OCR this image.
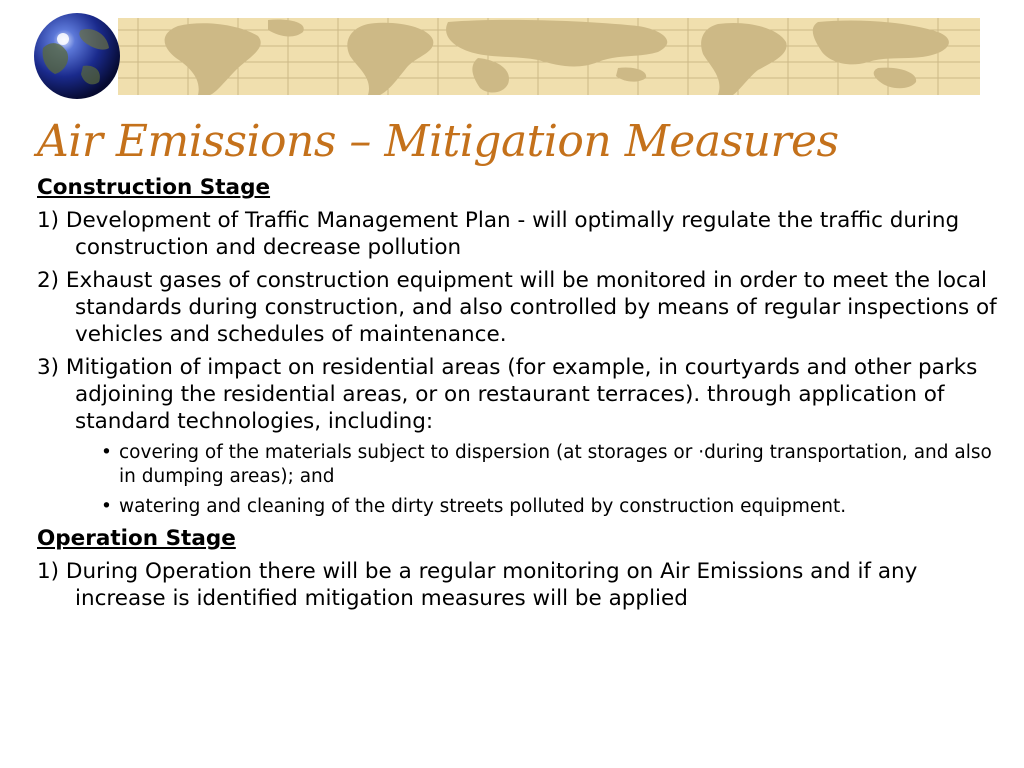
Air Emissions – Mitigation Measures
Construction Stage
1) Development of Traffic Management Plan - will optimally regulate the traffic during construction and decrease pollution
2) Exhaust gases of construction equipment will be monitored in order to meet the local standards during construction, and also controlled by means of regular inspections of vehicles and schedules of maintenance.
3) Mitigation of impact on residential areas (for example, in courtyards and other parks adjoining the residential areas, or on restaurant terraces). through application of standard technologies, including:
• covering of the materials subject to dispersion (at storages or ·during transportation, and also in dumping areas); and
• watering and cleaning of the dirty streets polluted by construction equipment.
Operation Stage
1) During Operation there will be a regular monitoring on Air Emissions and if any increase is identified mitigation measures will be applied
